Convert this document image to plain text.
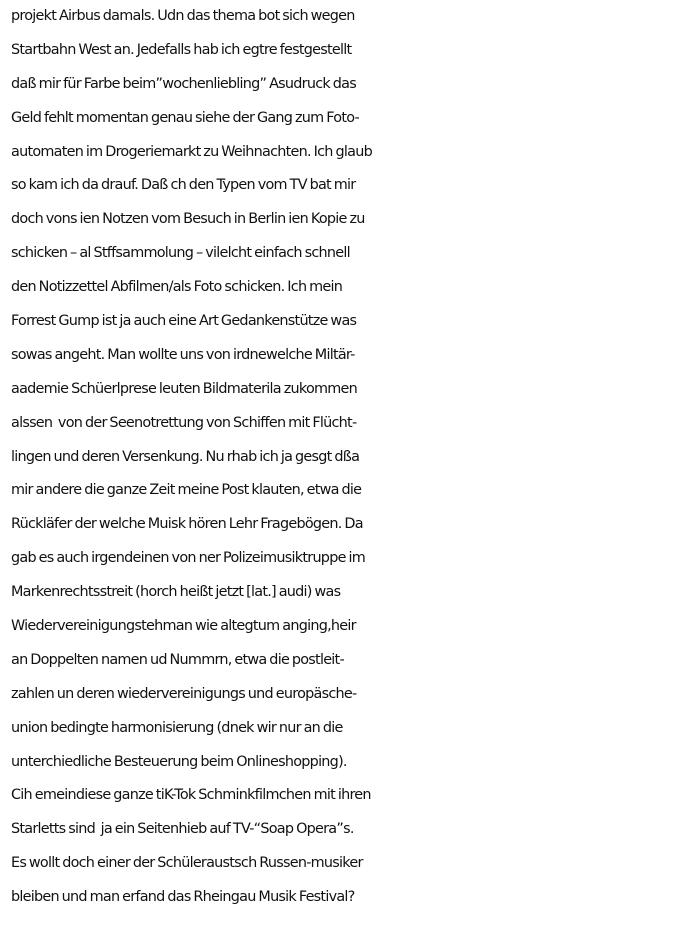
projekt Airbus damals. Udn das thema bot sich wegen
Startbahn West an. Jedefalls hab ich egtre festgestellt
daß mir für Farbe beim”wochenliebling” Asudruck das
Geld fehlt momentan genau siehe der Gang zum Foto-
automaten im Drogeriemarkt zu Weihnachten. Ich glaub
so kam ich da drauf. Daß ch den Typen vom TV bat mir
doch vons ien Notzen vom Besuch in Berlin ien Kopie zu
schicken – al Stffsammolung – vilelcht einfach schnell
den Notizzettel Abfilmen/als Foto schicken. Ich mein
Forrest Gump ist ja auch eine Art Gedankenstütze was
sowas angeht. Man wollte uns von irdnewelche Miltär-
aademie Schüerlprese leuten Bildmaterila zukommen
alssen  von der Seenotrettung von Schiffen mit Flücht-
lingen und deren Versenkung. Nu rhab ich ja gesgt dßa
mir andere die ganze Zeit meine Post klauten, etwa die
Rückläfer der welche Muisk hören Lehr Fragebögen. Da
gab es auch irgendeinen von ner Polizeimusiktruppe im
Markenrechtsstreit (horch heißt jetzt [lat.] audi) was
Wiedervereinigungstehman wie altegtum anging,heir
an Doppelten namen ud Nummrn, etwa die postleit-
zahlen un deren wiedervereinigungs und europäsche-
union bedingte harmonisierung (dnek wir nur an die
unterchiedliche Besteuerung beim Onlineshopping).
Cih emeindiese ganze tiK-Tok Schminkfilmchen mit ihren
Starletts sind  ja ein Seitenhieb auf TV-“Soap Opera”s.
Es wollt doch einer der Schüleraustsch Russen-musiker
bleiben und man erfand das Rheingau Musik Festival?
